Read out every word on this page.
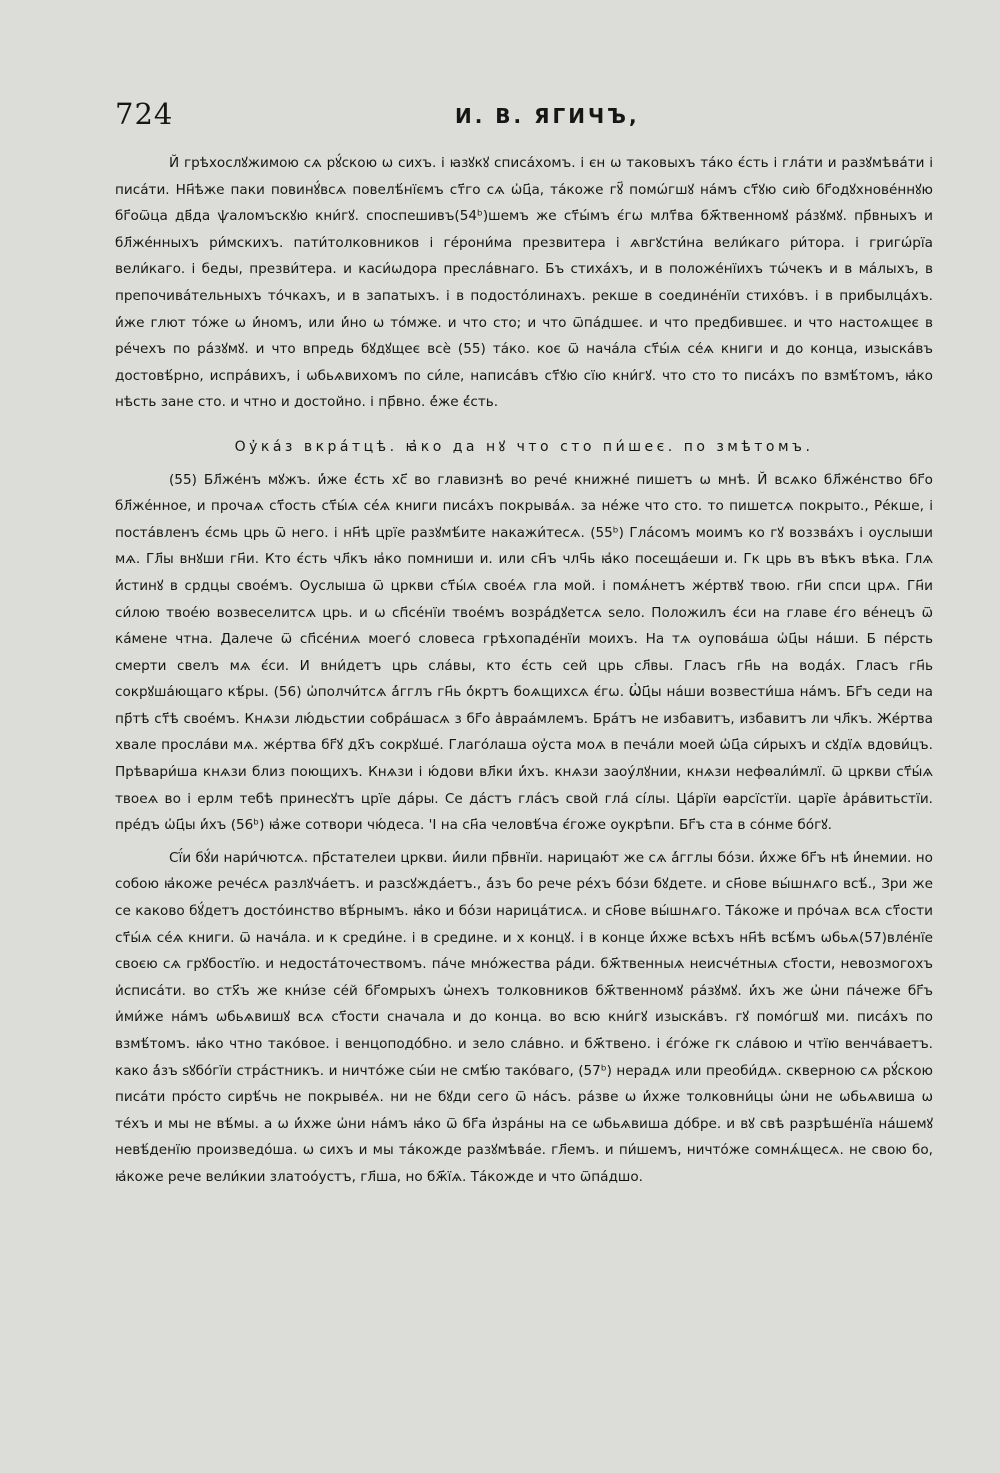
724	И. В. ЯГИЧЪ,

Й грѣхослꙋжимою сѧ рꙋ́скою ѡ сихъ. і ꙗзꙋкꙋ списа́хомъ. і єн ѡ таковыхъ та́ко є́сть і гла́ти и разꙋмѣва́ти і писа́ти. Нн҃ѣже паки повинꙋ́всѧ повелѣ́нїємъ ст҃го сѧ ѡ҆ц҃а, та́коже гꙋ҃ помѡ́гшꙋ на́мъ ст҃ꙋю сию̀ бг҃одꙋхнове́ннꙋю бг҃оѿца дв҃да ѱаломъскꙋю кни́гꙋ. споспешивъ(54ᵇ)шемъ же ст҃ы́мъ є́гѡ млт҃ва бж҃твенномꙋ ра́зꙋмꙋ. пр҃вныхъ и бл҃же́нныхъ ри́мскихъ. пати́толковников і ге́рони́ма презвитера і ѧвгꙋсти́на вели́каго ри́тора. і григѡ́рїа вели́каго. і беды, презви́тера. и каси́ѡдора пресла́внаго. Бъ стиха́хъ, и в положе́нїихъ тѡ́чекъ и в ма́лыхъ, в препочива́тельныхъ то́чкахъ, и в запатыхъ. і в подосто́линахъ. рекше в соедине́нїи стихо́въ. і в прибылца́хъ. и҆́же глют то́же ѡ и҆́номъ, или и҆́но ѡ то́мже. и что сто; и что ѿпа́дшеє. и что предбившеє. и что настоѧщеє в ре́чехъ по ра́зꙋмꙋ. и что впредь бꙋдꙋщеє всѐ (55) та́ко. коє ѿ нача́ла ст҃ы́ѧ се́ѧ книги и до конца, изыска́въ достовѣ́рно, испра́вихъ, і ѡбьѧвихомъ по си́ле, написа́въ ст҃ꙋю сїю кни́гꙋ. что сто то писа́хъ по взмѣ́томъ, ꙗ҆ко нѣсть зане сто. и чтно и достойно. і пр҃вно. е҆́же є҆́сть.

Оу҆ка́з вкра́тцѣ. ꙗ҆ко да нꙋ что сто пи́шеє. по змѣтомъ.

(55) Бл҃же́нъ мꙋжъ. и҆́же є҆́сть хс҃ во главизнѣ во рече́ книжне́ пишетъ ѡ мнѣ. Й всѧко бл҃же́нство бг҃о бл҃же́нное, и прочаѧ ст҃ость ст҃ы́ѧ се́ѧ книги писа́хъ покрыва́ѧ. за не́же что сто. то пишетсѧ покрыто., Ре́кше, і поста́вленъ є́смь црь ѿ него. і нн҃ѣ црїе разꙋмѣ́ите накажи́тесѧ. (55ᵇ) Гла́сомъ моимъ ко гꙋ воззва́хъ і оуслыши мѧ. Гл҃ы внꙋши гн҃и. Кто є́сть чл҃къ ꙗ҆ко помниши и. или сн҃ъ члч҃ь ꙗ҆ко посеща́еши и. Гк црь въ вѣкъ вѣка. Глѧ и҆́стинꙋ в срдцы свое́мъ. Оуслыша ѿ цркви ст҃ы́ѧ свое́ѧ гла мой. і помѧ́нетъ же́ртвꙋ твою. гн҃и спси црѧ. Гн҃и си́лою твое́ю возвеселитсѧ црь. и ѡ сп҃се́нїи твое́мъ возра́дꙋетсѧ ѕело. Положилъ є́си на главе є́го ве́нецъ ѿ ка́мене чтна. Далече ѿ сп҃се́ниѧ моего́ словеса грѣхопаде́нїи моихъ. На тѧ оупова́ша ѡ҆ц҃ы на́ши. Б пе́рсть смерти свелъ мѧ є́си. И вни́детъ црь сла́вы, кто є́сть сей црь сл҃вы. Гласъ гн҃ь на вода́х. Гласъ гн҃ь сокрꙋша́ющаго кѣ́ры. (56) ѡ҆полчи́тсѧ а҆́гглъ гн҃ь о҆́кртъ боѧщихсѧ є́гѡ. Ѡ҆ц҃ы на́ши возвести́ша на́мъ. Бг҃ъ седи на пр҃тѣ ст҃ѣ свое́мъ. Кнѧзи лю́дьстии собра́шасѧ з бг҃о а҆враа́млемъ. Бра́тъ не избавитъ, избавитъ ли чл҃къ. Же́ртва хвале просла́ви мѧ. же́ртва бг҃ꙋ дх҃ъ сокрꙋше́. Глаго́лаша оу҆ста моѧ в печа́ли моей ѡ҆ц҃а си́рыхъ и сꙋдїѧ вдови́цъ. Прѣвари́ша кнѧзи близ поющихъ. Кнѧзи і ю́дови вл҃ки и҆́хъ. кнѧзи заоу́лꙋнии, кнѧзи нефѳали́млї. ѿ цркви ст҃ы́ѧ твоеѧ во і ерлм тебѣ принесꙋтъ црїе да́ры. Се да́стъ гла́съ свой гла́ сі́лы. Ца́рїи ѳарсїстїи. царїе а҆ра́витьстїи. пре́дъ ѡ҆ц҃ы и҆́хъ (56ᵇ) ꙗ҆же сотвори чю́деса. 'І на сн҃а человѣ́ча є́гоже оукрѣпи. Бг҃ъ ста в со́нме бо́гꙋ.

Сї́и бꙋ́и нари́чютсѧ. пр҃стателеи цркви. и҆́или пр҃внїи. нарицаю́т же сѧ а҆́гглы бо́зи. и҆́хже бг҃ъ нѣ и҆́немии. но собою ꙗ҆коже рече́сѧ разлꙋча́етъ. и разсꙋжда́етъ., а҆́зъ бо рече ре́хъ бо́зи бꙋдете. и сн҃ове вы́шнѧго всѣ́., Зри же се каково бꙋ́детъ досто́инство вѣ́рнымъ. ꙗ҆ко и бо́зи нарица́тисѧ. и сн҃ове вы́шнѧго. Та́коже и про́чаѧ всѧ ст҃ости ст҃ы́ѧ се́ѧ книги. ѿ нача́ла. и к среди́не. і в средине. и х концꙋ. і в конце и҆́хже всѣхъ нн҃ѣ всѣ́мъ ѡбьѧ(57)вле́нїе своєю сѧ грꙋбостїю. и недоста́точествомъ. па́че мно́жества ра́ди. бж҃твенныѧ неисче́тныѧ ст҃ости, невозмогохъ и҆списа́ти. во стх҃ъ же кни́зе се́й бг҃омрыхъ ѡ҆нехъ толковников бж҃твенномꙋ ра́зꙋмꙋ. и҆́хъ же ѡ҆ни па́чеже бг҃ъ и҆ми́же на́мъ ѡбьѧвишꙋ всѧ ст҃ости сначала и до конца. во всю кни́гꙋ изыска́въ. гꙋ помо́гшꙋ ми. писа́хъ по взмѣ́томъ. ꙗ҆ко чтно тако́вое. і венцоподо́бно. и зело сла́вно. и бж҃твено. і є́го́же гк сла́вою и чтїю венча́ваетъ. како а҆́зъ ѕꙋбо́гїи стра́стникъ. и ничто́же сы́и не смѣ́ю тако́ваго, (57ᵇ) нерадѧ или преоби́дѧ. скверною сѧ рꙋ́скою писа́ти про́сто сирѣ́чь не покрыве́ѧ. ни не бꙋди сего ѿ на́съ. ра́зве ѡ и҆́хже толковни́цы ѡ҆ни не ѡбьѧвиша ѡ те́хъ и мы не вѣ́мы. а ѡ и҆́хже ѡ҆ни на́мъ ꙗ҆ко ѿ бг҃а и҆зра́ны на се ѡбьѧвиша до́бре. и вꙋ свѣ разрѣше́нїа на́шемꙋ невѣ́денїю произведо́ша. ѡ сихъ и мы та́кожде разꙋмѣва́е. гл҃емъ. и пи́шемъ, ничто́же сомнѧ́щесѧ. не свою бо, ꙗ҆коже рече вели́кии златоо́устъ, гл҃ша, но бж҃їѧ. Та́кожде и что ѿпа́дшо.
